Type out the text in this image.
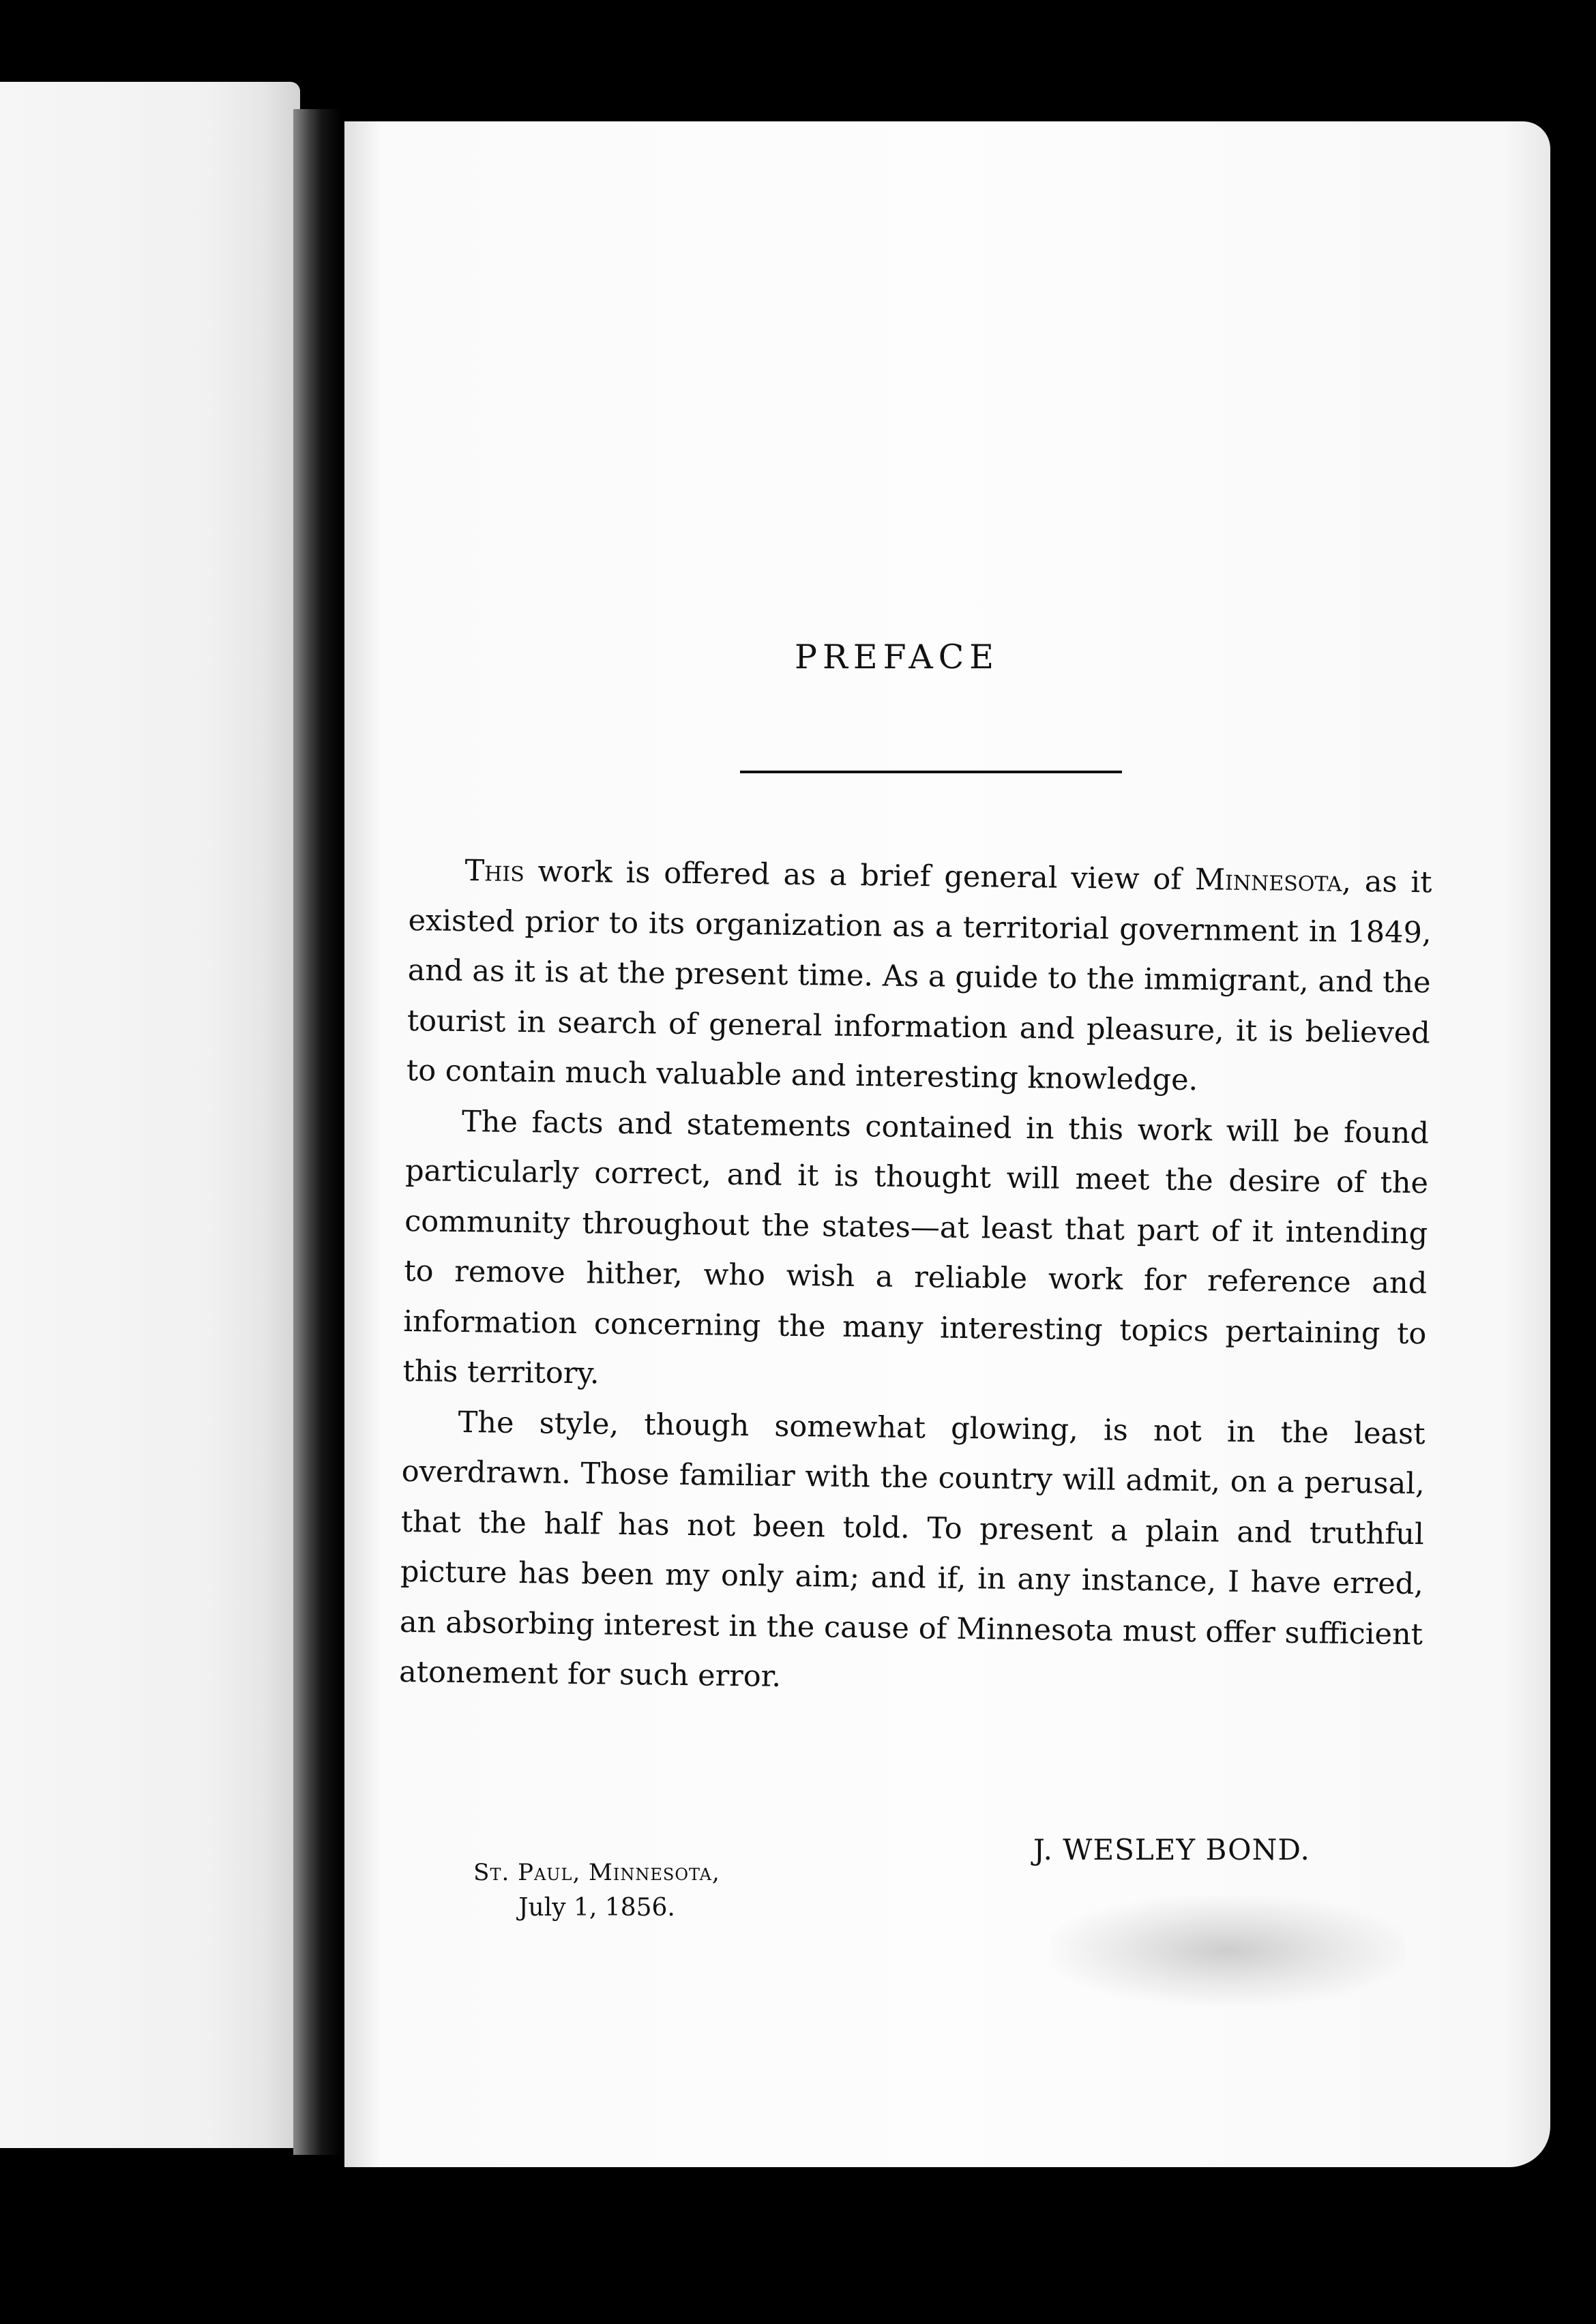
PREFACE

This work is offered as a brief general view of Minnesota, as it existed prior to its organization as a territorial government in 1849, and as it is at the present time. As a guide to the immigrant, and the tourist in search of general information and pleasure, it is believed to contain much valuable and interesting knowledge.

The facts and statements contained in this work will be found particularly correct, and it is thought will meet the desire of the community throughout the states—at least that part of it intending to remove hither, who wish a reliable work for reference and information concerning the many interesting topics pertaining to this territory.

The style, though somewhat glowing, is not in the least overdrawn. Those familiar with the country will admit, on a perusal, that the half has not been told. To present a plain and truthful picture has been my only aim; and if, in any instance, I have erred, an absorbing interest in the cause of Minnesota must offer sufficient atonement for such error.

St. Paul, Minnesota,
July 1, 1856.
J. WESLEY BOND.
